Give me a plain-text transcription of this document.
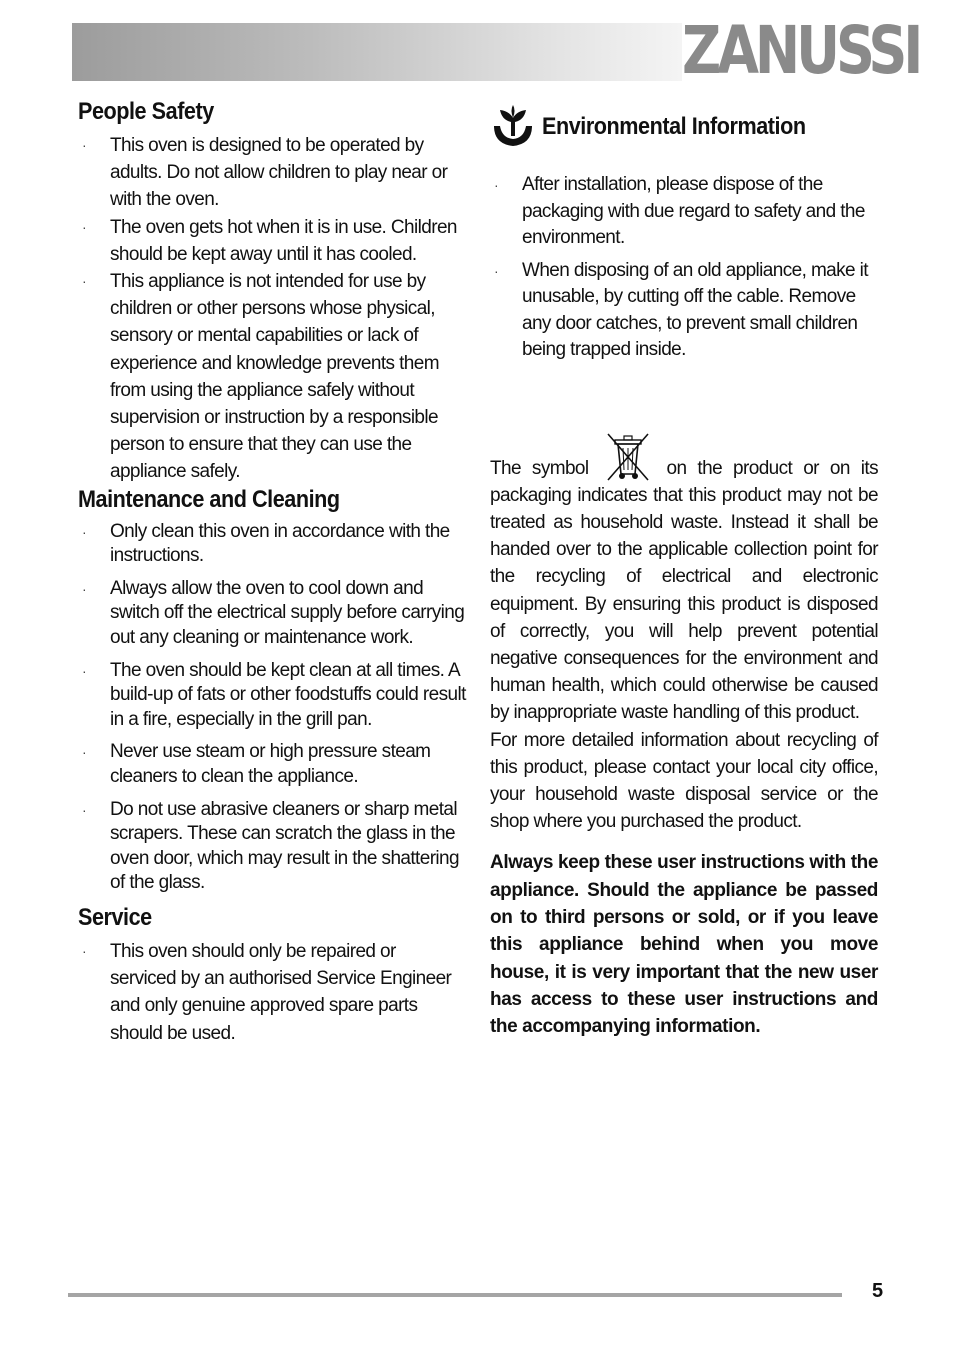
ZANUSSI
People Safety
· This oven is designed to be operated by adults. Do not allow children to play near or with the oven.
· The oven gets hot when it is in use. Children should be kept away until it has cooled.
· This appliance is not intended for use by children or other persons whose physical, sensory or mental capabilities or lack of experience and knowledge prevents them from using the appliance safely without supervision or instruction by a responsible person to ensure that they can use the appliance safely.
Maintenance and Cleaning
· Only clean this oven in accordance with the instructions.
· Always allow the oven to cool down and switch off the electrical supply before carrying out any cleaning or maintenance work.
· The oven should be kept clean at all times. A build-up of fats or other foodstuffs could result in a fire, especially in the grill pan.
· Never use steam or high pressure steam cleaners to clean the appliance.
· Do not use abrasive cleaners or sharp metal scrapers. These can scratch the glass in the oven door, which may result in the shattering of the glass.
Service
· This oven should only be repaired or serviced by an authorised Service Engineer and only genuine approved spare parts should be used.
Environmental Information
· After installation, please dispose of the packaging with due regard to safety and the environment.
· When disposing of an old appliance, make it unusable, by cutting off the cable. Remove any door catches, to prevent small children being trapped inside.
The symbol	on the product or on its packaging indicates that this product may not be treated as household waste. Instead it shall be handed over to the applicable collection point for the recycling of electrical and electronic equipment. By ensuring this product is disposed of correctly, you will help prevent potential negative consequences for the environment and human health, which could otherwise be caused by inappropriate waste handling of this product.
For more detailed information about recycling of this product, please contact your local city office, your household waste disposal service or the shop where you purchased the product.
Always keep these user instructions with the appliance. Should the appliance be passed on to third persons or sold, or if you leave this appliance behind when you move house, it is very important that the new user has access to these user instructions and the accompanying information.
5
